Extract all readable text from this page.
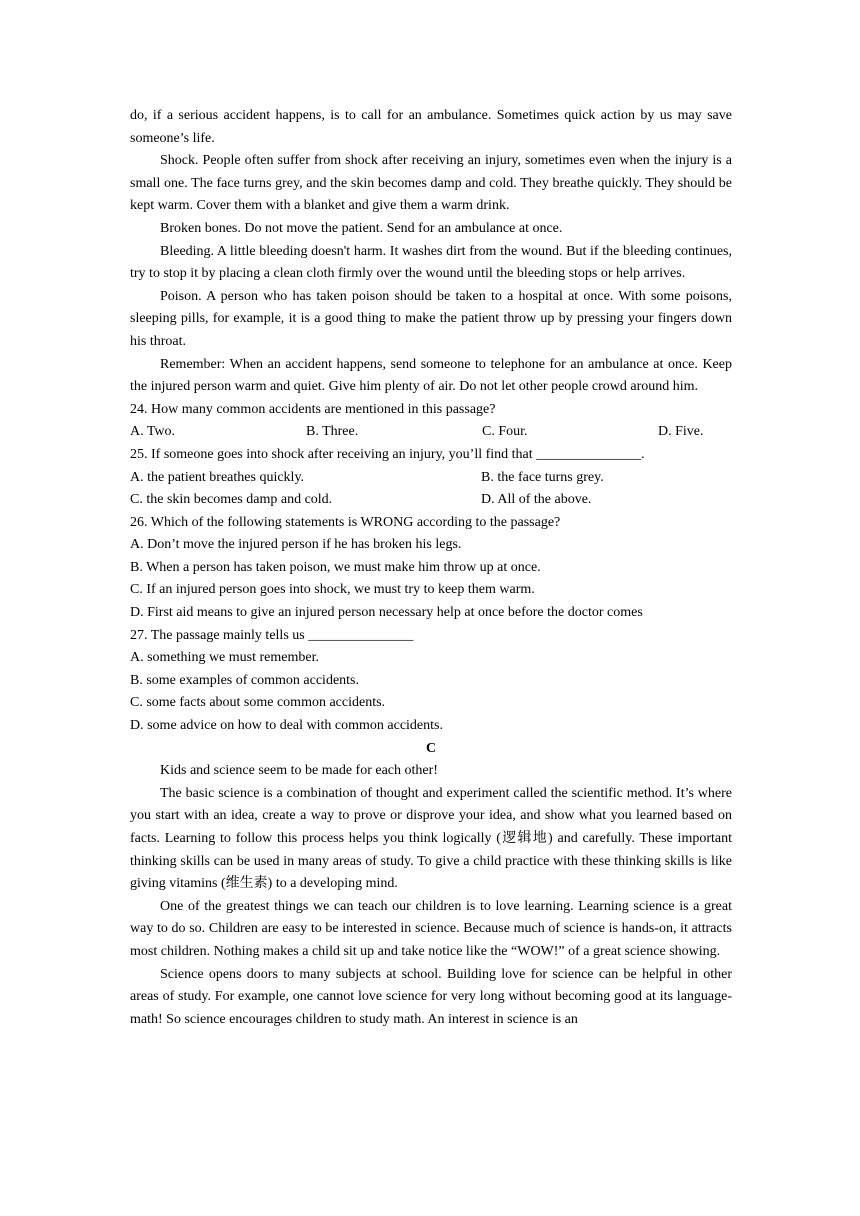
do, if a serious accident happens, is to call for an ambulance. Sometimes quick action by us may save someone’s life.

Shock. People often suffer from shock after receiving an injury, sometimes even when the injury is a small one. The face turns grey, and the skin becomes damp and cold. They breathe quickly. They should be kept warm. Cover them with a blanket and give them a warm drink.

Broken bones. Do not move the patient. Send for an ambulance at once.

Bleeding. A little bleeding doesn't harm. It washes dirt from the wound. But if the bleeding continues, try to stop it by placing a clean cloth firmly over the wound until the bleeding stops or help arrives.

Poison. A person who has taken poison should be taken to a hospital at once. With some poisons, sleeping pills, for example, it is a good thing to make the patient throw up by pressing your fingers down his throat.

Remember: When an accident happens, send someone to telephone for an ambulance at once. Keep the injured person warm and quiet. Give him plenty of air. Do not let other people crowd around him.

24. How many common accidents are mentioned in this passage?

A. Two.	B. Three.	C. Four.	D. Five.

25. If someone goes into shock after receiving an injury, you’ll find that _______________.

A. the patient breathes quickly.	B. the face turns grey.
C. the skin becomes damp and cold.	D. All of the above.

26. Which of the following statements is WRONG according to the passage?

A. Don’t move the injured person if he has broken his legs.

B. When a person has taken poison, we must make him throw up at once.

C. If an injured person goes into shock, we must try to keep them warm.

D. First aid means to give an injured person necessary help at once before the doctor comes

27. The passage mainly tells us _______________

A. something we must remember.

B. some examples of common accidents.

C. some facts about some common accidents.

D. some advice on how to deal with common accidents.

C

Kids and science seem to be made for each other!

The basic science is a combination of thought and experiment called the scientific method. It’s where you start with an idea, create a way to prove or disprove your idea, and show what you learned based on facts. Learning to follow this process helps you think logically (逻辑地) and carefully. These important thinking skills can be used in many areas of study. To give a child practice with these thinking skills is like giving vitamins (维生素) to a developing mind.

One of the greatest things we can teach our children is to love learning. Learning science is a great way to do so. Children are easy to be interested in science. Because much of science is hands-on, it attracts most children. Nothing makes a child sit up and take notice like the “WOW!” of a great science showing.

Science opens doors to many subjects at school. Building love for science can be helpful in other areas of study. For example, one cannot love science for very long without becoming good at its language-math! So science encourages children to study math. An interest in science is an
